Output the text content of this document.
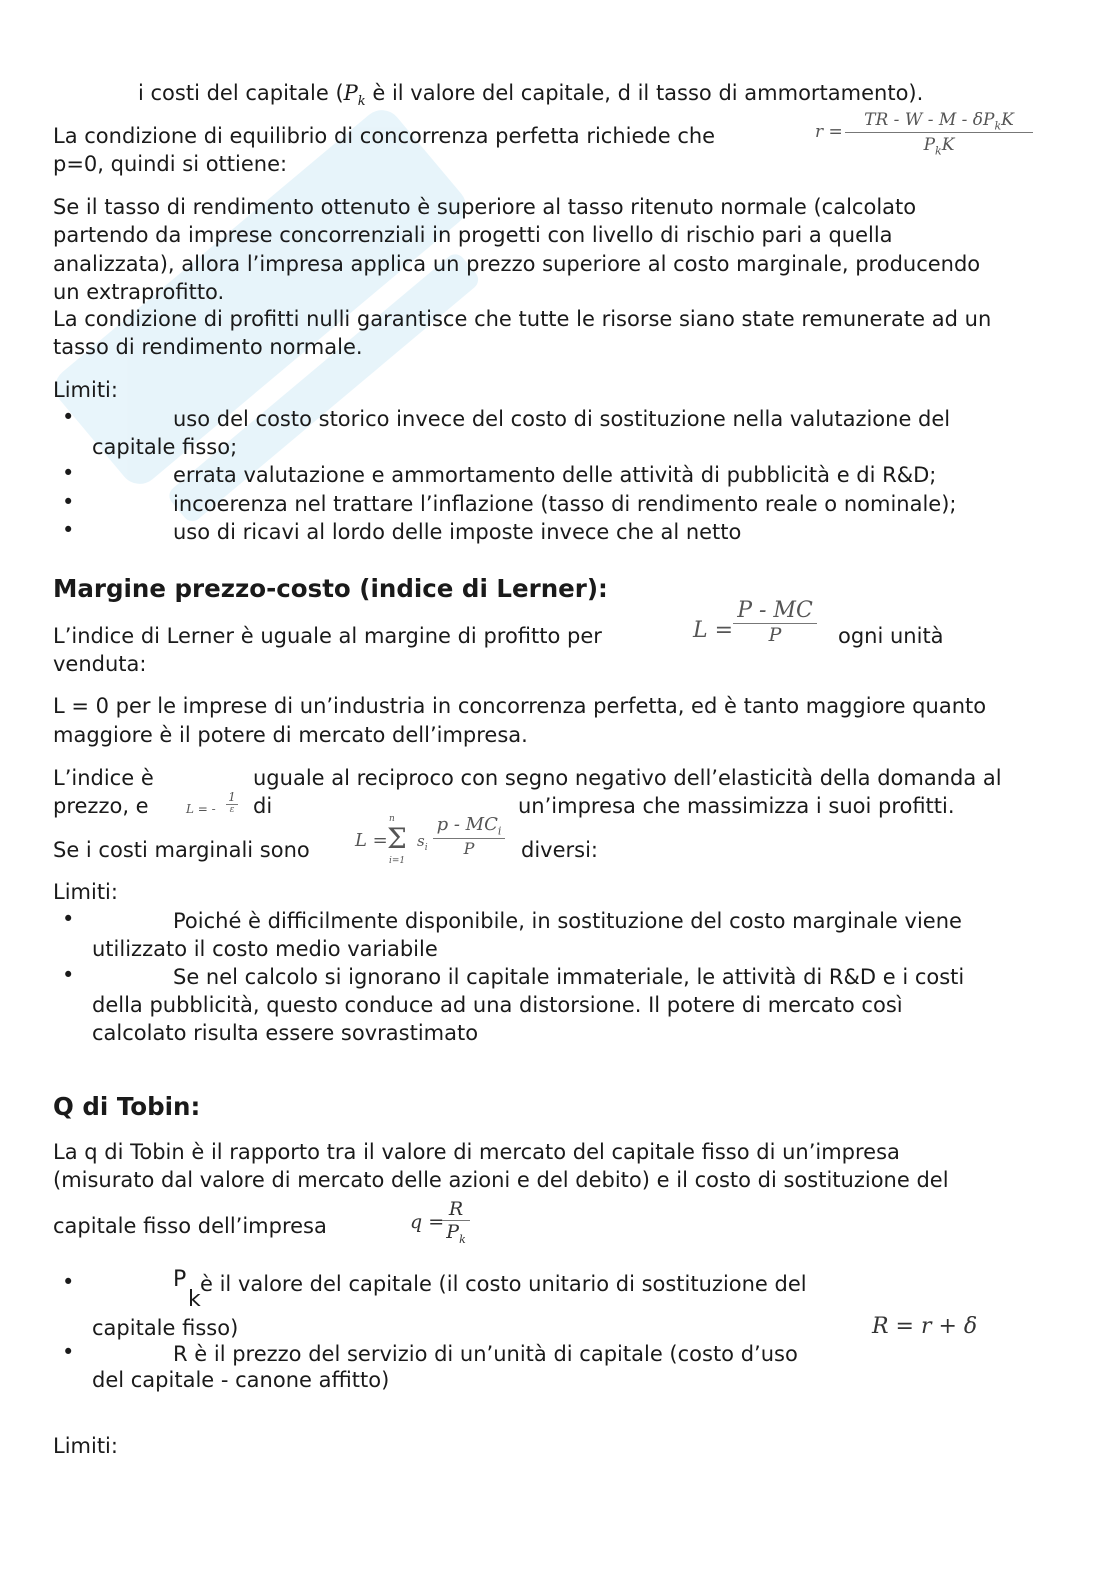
i costi del capitale ($P_k$ è il valore del capitale, d il tasso di ammortamento).
La condizione di equilibrio di concorrenza perfetta richiede che
p=0, quindi si ottiene:
r =
TR - W - M - $\delta P_kK$
$P_kK$
Se il tasso di rendimento ottenuto è superiore al tasso ritenuto normale (calcolato
partendo da imprese concorrenziali in progetti con livello di rischio pari a quella
analizzata), allora l’impresa applica un prezzo superiore al costo marginale, producendo
un extraprofitto.
La condizione di profitti nulli garantisce che tutte le risorse siano state remunerate ad un
tasso di rendimento normale.
Limiti:
•	uso del costo storico invece del costo di sostituzione nella valutazione del
capitale fisso;
•	errata valutazione e ammortamento delle attività di pubblicità e di R&D;
•	incoerenza nel trattare l’inflazione (tasso di rendimento reale o nominale);
•	uso di ricavi al lordo delle imposte invece che al netto
Margine prezzo-costo (indice di Lerner):
L’indice di Lerner è uguale al margine di profitto per	ogni unità
venduta:
$L = \frac{P - MC}{P}$
L = 0 per le imprese di un’industria in concorrenza perfetta, ed è tanto maggiore quanto
maggiore è il potere di mercato dell’impresa.
L’indice è	uguale al reciproco con segno negativo dell’elasticità della domanda al
prezzo, e	di	un’impresa che massimizza i suoi profitti.
L = -
1
ε
Se i costi marginali sono	diversi:
L =
n
Σ
i=1
$s_i$
p - $MC_i$
P
Limiti:
•	Poiché è difficilmente disponibile, in sostituzione del costo marginale viene
utilizzato il costo medio variabile
•	Se nel calcolo si ignorano il capitale immateriale, le attività di R&D e i costi
della pubblicità, questo conduce ad una distorsione. Il potere di mercato così
calcolato risulta essere sovrastimato
Q di Tobin:
La q di Tobin è il rapporto tra il valore di mercato del capitale fisso di un’impresa
(misurato dal valore di mercato delle azioni e del debito) e il costo di sostituzione del
capitale fisso dell’impresa	q =
$\frac{R}{P_k}$
•	P
k
è il valore del capitale (il costo unitario di sostituzione del
capitale fisso)	R = r + δ
•	R è il prezzo del servizio di un’unità di capitale (costo d’uso
del capitale - canone affitto)
Limiti:
